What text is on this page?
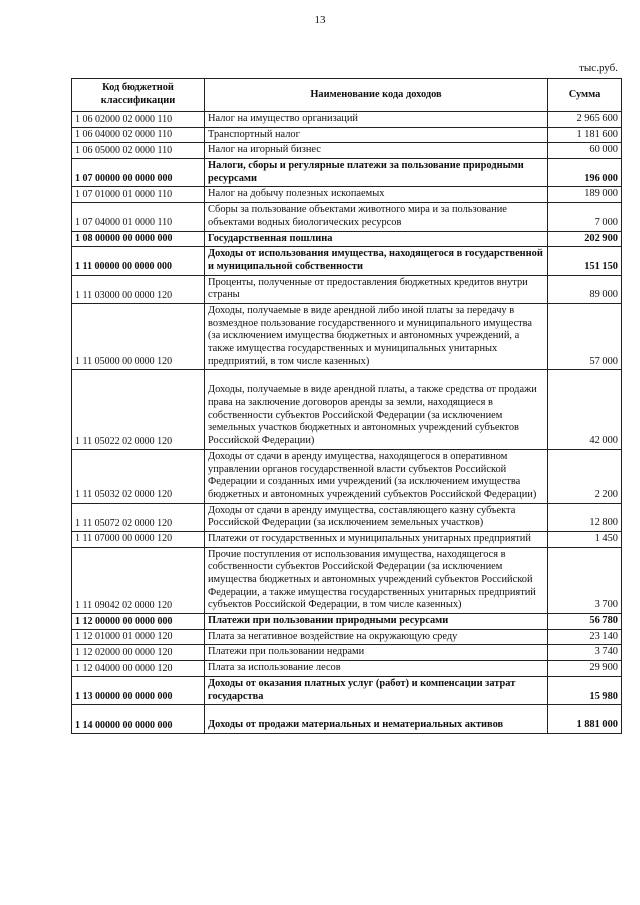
13
тыс.руб.
Код бюджетной классификации	Наименование кода доходов	Сумма
1 06 02000 02 0000 110	Налог на имущество организаций	2 965 600
1 06 04000 02 0000 110	Транспортный налог	1 181 600
1 06 05000 02 0000 110	Налог на игорный бизнес	60 000
1 07 00000 00 0000 000	Налоги, сборы и регулярные платежи за пользование природными ресурсами	196 000
1 07 01000 01 0000 110	Налог на добычу полезных ископаемых	189 000
1 07 04000 01 0000 110	Сборы за пользование объектами животного мира и за пользование объектами водных биологических ресурсов	7 000
1 08 00000 00 0000 000	Государственная пошлина	202 900
1 11 00000 00 0000 000	Доходы от использования имущества, находящегося в государственной и муниципальной собственности	151 150
1 11 03000 00 0000 120	Проценты, полученные от предоставления бюджетных кредитов внутри страны	89 000
1 11 05000 00 0000 120	Доходы, получаемые в виде арендной либо иной платы за передачу в возмездное пользование государственного и муниципального имущества (за исключением имущества бюджетных и автономных учреждений, а также имущества государственных и муниципальных унитарных предприятий, в том числе казенных)	57 000
1 11 05022 02 0000 120	Доходы, получаемые в виде арендной платы, а также средства от продажи права на заключение договоров аренды за земли, находящиеся в собственности субъектов Российской Федерации (за исключением земельных участков бюджетных и автономных учреждений субъектов Российской Федерации)	42 000
1 11 05032 02 0000 120	Доходы от сдачи в аренду имущества, находящегося в оперативном управлении органов государственной власти субъектов Российской Федерации и созданных ими учреждений (за исключением имущества бюджетных и автономных учреждений субъектов Российской Федерации)	2 200
1 11 05072 02 0000 120	Доходы от сдачи в аренду имущества, составляющего казну субъекта Российской Федерации (за исключением земельных участков)	12 800
1 11 07000 00 0000 120	Платежи от государственных и муниципальных унитарных предприятий	1 450
1 11 09042 02 0000 120	Прочие поступления от использования имущества, находящегося в собственности субъектов Российской Федерации (за исключением имущества бюджетных и автономных учреждений субъектов Российской Федерации, а также имущества государственных унитарных предприятий субъектов Российской Федерации, в том числе казенных)	3 700
1 12 00000 00 0000 000	Платежи при пользовании природными ресурсами	56 780
1 12 01000 01 0000 120	Плата за негативное воздействие на окружающую среду	23 140
1 12 02000 00 0000 120	Платежи при пользовании недрами	3 740
1 12 04000 00 0000 120	Плата за использование лесов	29 900
1 13 00000 00 0000 000	Доходы от оказания платных услуг (работ) и компенсации затрат государства	15 980
1 14 00000 00 0000 000	Доходы от продажи материальных и нематериальных активов	1 881 000
